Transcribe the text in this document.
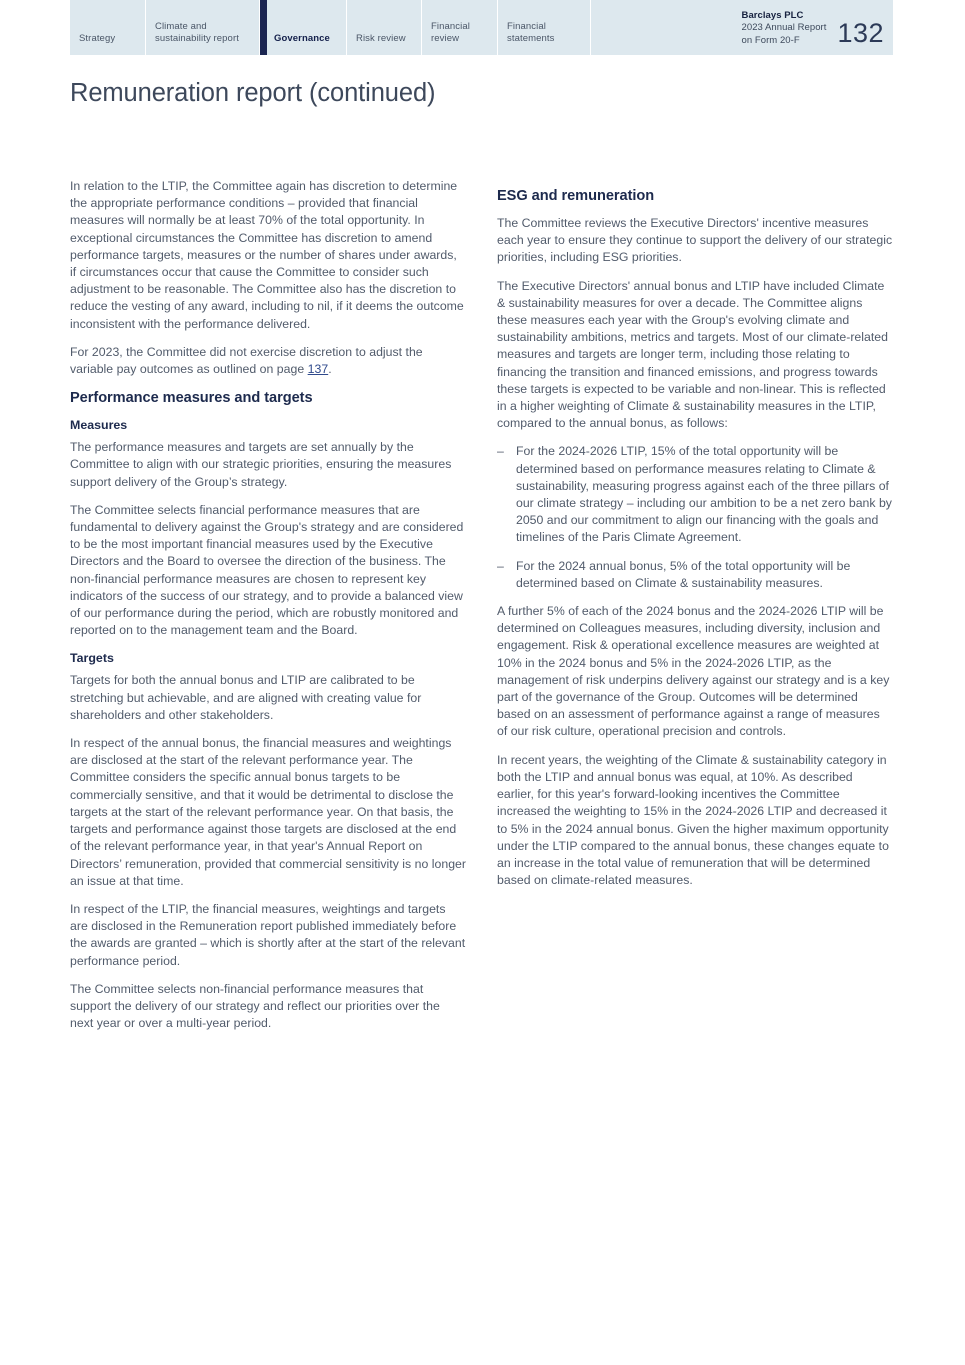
Strategy
Climate and sustainability report	Governance	Risk review
Financial review
Financial statements
Barclays PLC
2023 Annual Report
on Form 20-F	132
Remuneration report (continued)

In relation to the LTIP, the Committee again has discretion to determine the appropriate performance conditions – provided that financial measures will normally be at least 70% of the total opportunity. In exceptional circumstances the Committee has discretion to amend performance targets, measures or the number of shares under awards, if circumstances occur that cause the Committee to consider such adjustment to be reasonable. The Committee also has the discretion to reduce the vesting of any award, including to nil, if it deems the outcome inconsistent with the performance delivered.

For 2023, the Committee did not exercise discretion to adjust the variable pay outcomes as outlined on page 137.

Performance measures and targets
Measures

The performance measures and targets are set annually by the Committee to align with our strategic priorities, ensuring the measures support delivery of the Group’s strategy.

The Committee selects financial performance measures that are fundamental to delivery against the Group's strategy and are considered to be the most important financial measures used by the Executive Directors and the Board to oversee the direction of the business. The non-financial performance measures are chosen to represent key indicators of the success of our strategy, and to provide a balanced view of our performance during the period, which are robustly monitored and reported on to the management team and the Board.

Targets

Targets for both the annual bonus and LTIP are calibrated to be stretching but achievable, and are aligned with creating value for shareholders and other stakeholders.

In respect of the annual bonus, the financial measures and weightings are disclosed at the start of the relevant performance year. The Committee considers the specific annual bonus targets to be commercially sensitive, and that it would be detrimental to disclose the targets at the start of the relevant performance year. On that basis, the targets and performance against those targets are disclosed at the end of the relevant performance year, in that year's Annual Report on Directors’ remuneration, provided that commercial sensitivity is no longer an issue at that time.

In respect of the LTIP, the financial measures, weightings and targets are disclosed in the Remuneration report published immediately before the awards are granted – which is shortly after at the start of the relevant performance period.

The Committee selects non-financial performance measures that support the delivery of our strategy and reflect our priorities over the next year or over a multi-year period.

ESG and remuneration

The Committee reviews the Executive Directors' incentive measures each year to ensure they continue to support the delivery of our strategic priorities, including ESG priorities.

The Executive Directors' annual bonus and LTIP have included Climate & sustainability measures for over a decade. The Committee aligns these measures each year with the Group's evolving climate and sustainability ambitions, metrics and targets. Most of our climate-related measures and targets are longer term, including those relating to financing the transition and financed emissions, and progress towards these targets is expected to be variable and non-linear. This is reflected in a higher weighting of Climate & sustainability measures in the LTIP, compared to the annual bonus, as follows:

– For the 2024-2026 LTIP, 15% of the total opportunity will be determined based on performance measures relating to Climate & sustainability, measuring progress against each of the three pillars of our climate strategy – including our ambition to be a net zero bank by 2050 and our commitment to align our financing with the goals and timelines of the Paris Climate Agreement.
– For the 2024 annual bonus, 5% of the total opportunity will be determined based on Climate & sustainability measures.

A further 5% of each of the 2024 bonus and the 2024-2026 LTIP will be determined on Colleagues measures, including diversity, inclusion and engagement. Risk & operational excellence measures are weighted at 10% in the 2024 bonus and 5% in the 2024-2026 LTIP, as the management of risk underpins delivery against our strategy and is a key part of the governance of the Group. Outcomes will be determined based on an assessment of performance against a range of measures of our risk culture, operational precision and controls.

In recent years, the weighting of the Climate & sustainability category in both the LTIP and annual bonus was equal, at 10%. As described earlier, for this year's forward-looking incentives the Committee increased the weighting to 15% in the 2024-2026 LTIP and decreased it to 5% in the 2024 annual bonus. Given the higher maximum opportunity under the LTIP compared to the annual bonus, these changes equate to an increase in the total value of remuneration that will be determined based on climate-related measures.
